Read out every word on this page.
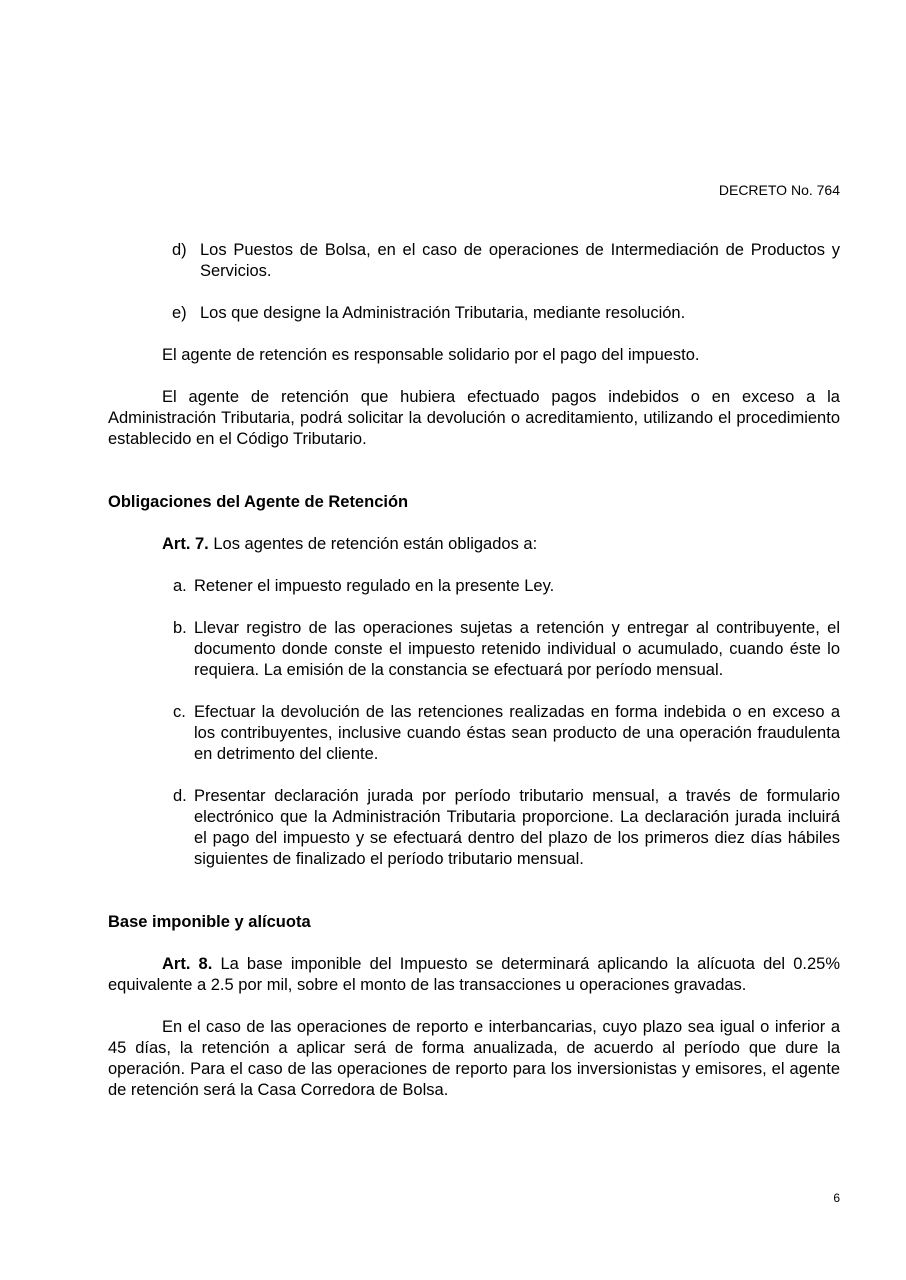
DECRETO No. 764
d) Los Puestos de Bolsa, en el caso de operaciones de Intermediación de Productos y Servicios.
e) Los que designe la Administración Tributaria, mediante resolución.

El agente de retención es responsable solidario por el pago del impuesto.

El agente de retención que hubiera efectuado pagos indebidos o en exceso a la Administración Tributaria, podrá solicitar la devolución o acreditamiento, utilizando el procedimiento establecido en el Código Tributario.

Obligaciones del Agente de Retención

Art. 7. Los agentes de retención están obligados a:

a. Retener el impuesto regulado en la presente Ley.
b. Llevar registro de las operaciones sujetas a retención y entregar al contribuyente, el documento donde conste el impuesto retenido individual o acumulado, cuando éste lo requiera. La emisión de la constancia se efectuará por período mensual.
c. Efectuar la devolución de las retenciones realizadas en forma indebida o en exceso a los contribuyentes, inclusive cuando éstas sean producto de una operación fraudulenta en detrimento del cliente.
d. Presentar declaración jurada por período tributario mensual, a través de formulario electrónico que la Administración Tributaria proporcione. La declaración jurada incluirá el pago del impuesto y se efectuará dentro del plazo de los primeros diez días hábiles siguientes de finalizado el período tributario mensual.

Base imponible y alícuota

Art. 8. La base imponible del Impuesto se determinará aplicando la alícuota del 0.25% equivalente a 2.5 por mil, sobre el monto de las transacciones u operaciones gravadas.

En el caso de las operaciones de reporto e interbancarias, cuyo plazo sea igual o inferior a 45 días, la retención a aplicar será de forma anualizada, de acuerdo al período que dure la operación. Para el caso de las operaciones de reporto para los inversionistas y emisores, el agente de retención será la Casa Corredora de Bolsa.

6
